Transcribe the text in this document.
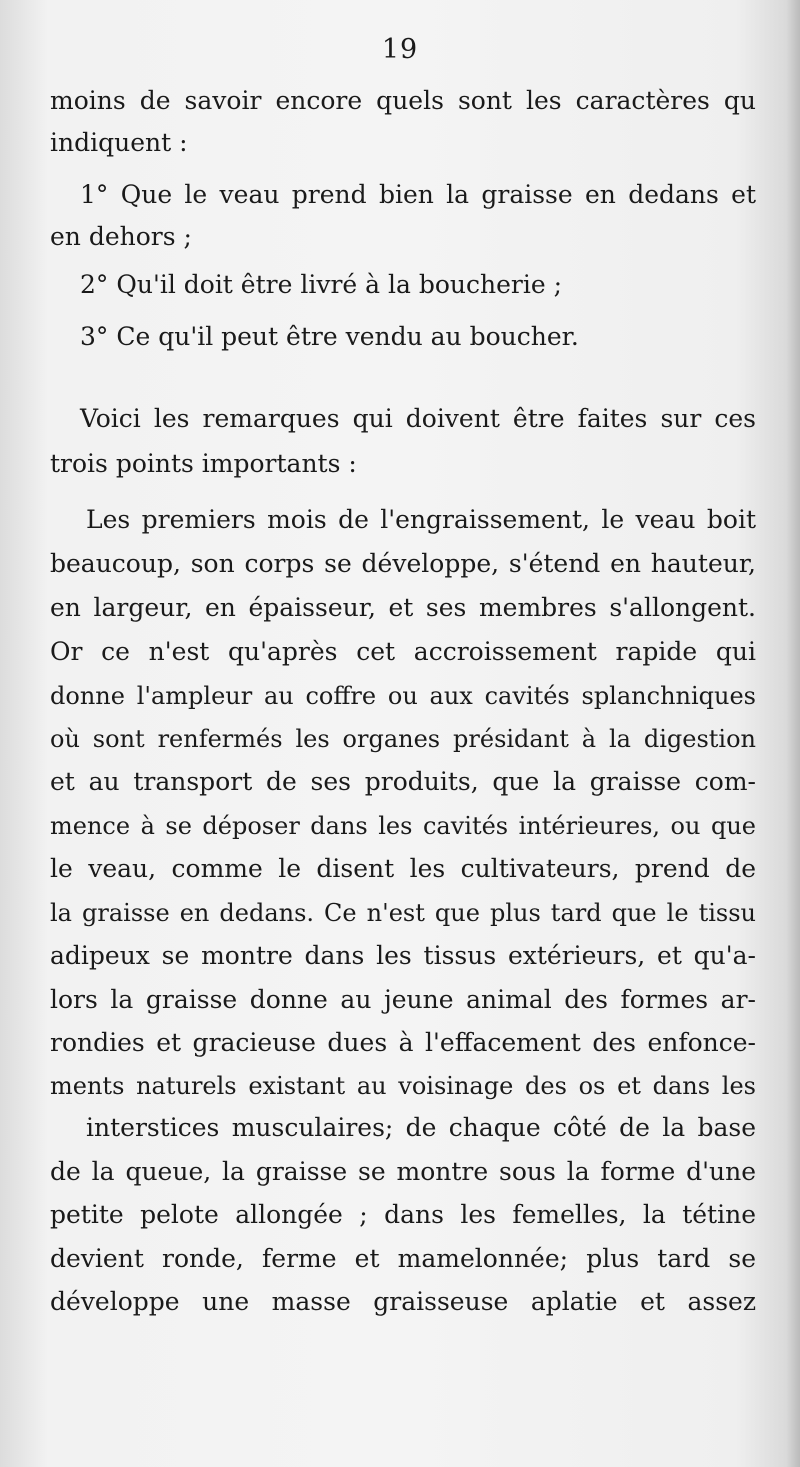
19
moins de savoir encore quels sont les caractères qu
indiquent :
1° Que le veau prend bien la graisse en dedans et
en dehors ;
2° Qu'il doit être livré à la boucherie ;
3° Ce qu'il peut être vendu au boucher.
Voici les remarques qui doivent être faites sur ces
trois points importants :
Les premiers mois de l'engraissement, le veau boit
beaucoup, son corps se développe, s'étend en hauteur,
en largeur, en épaisseur, et ses membres s'allongent.
Or ce n'est qu'après cet accroissement rapide qui
donne l'ampleur au coffre ou aux cavités splanchniques
où sont renfermés les organes présidant à la digestion
et au transport de ses produits, que la graisse com-
mence à se déposer dans les cavités intérieures, ou que
le veau, comme le disent les cultivateurs, prend de
la graisse en dedans. Ce n'est que plus tard que le tissu
adipeux se montre dans les tissus extérieurs, et qu'a-
lors la graisse donne au jeune animal des formes ar-
rondies et gracieuse dues à l'effacement des enfonce-
ments naturels existant au voisinage des os et dans les
interstices musculaires; de chaque côté de la base
de la queue, la graisse se montre sous la forme d'une
petite pelote allongée ; dans les femelles, la tétine
devient ronde, ferme et mamelonnée; plus tard se
développe une masse graisseuse aplatie et assez
